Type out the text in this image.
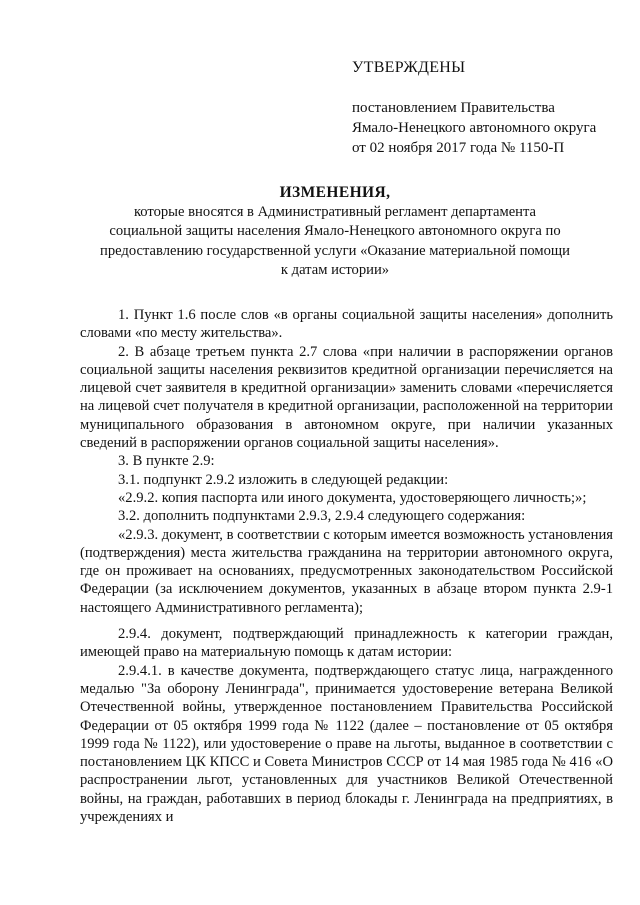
УТВЕРЖДЕНЫ
постановлением Правительства
Ямало-Ненецкого автономного округа
от 02 ноября 2017 года № 1150-П
ИЗМЕНЕНИЯ,
которые вносятся в Административный регламент департамента социальной защиты населения Ямало-Ненецкого автономного округа по предоставлению государственной услуги «Оказание материальной помощи к датам истории»

1. Пункт 1.6 после слов «в органы социальной защиты населения» дополнить словами «по месту жительства».

2. В абзаце третьем пункта 2.7 слова «при наличии в распоряжении органов социальной защиты населения реквизитов кредитной организации перечисляется на лицевой счет заявителя в кредитной организации» заменить словами «перечисляется на лицевой счет получателя в кредитной организации, расположенной на территории муниципального образования в автономном округе, при наличии указанных сведений в распоряжении органов социальной защиты населения».

3. В пункте 2.9:

3.1. подпункт 2.9.2 изложить в следующей редакции:

«2.9.2. копия паспорта или иного документа, удостоверяющего личность;»;

3.2. дополнить подпунктами 2.9.3, 2.9.4 следующего содержания:

«2.9.3. документ, в соответствии с которым имеется возможность установления (подтверждения) места жительства гражданина на территории автономного округа, где он проживает на основаниях, предусмотренных законодательством Российской Федерации (за исключением документов, указанных в абзаце втором пункта 2.9-1 настоящего Административного регламента);

2.9.4. документ, подтверждающий принадлежность к категории граждан, имеющей право на материальную помощь к датам истории:

2.9.4.1. в качестве документа, подтверждающего статус лица, награжденного медалью "За оборону Ленинграда", принимается удостоверение ветерана Великой Отечественной войны, утвержденное постановлением Правительства Российской Федерации от 05 октября 1999 года № 1122 (далее – постановление от 05 октября 1999 года № 1122), или удостоверение о праве на льготы, выданное в соответствии с постановлением ЦК КПСС и Совета Министров СССР от 14 мая 1985 года № 416 «О распространении льгот, установленных для участников Великой Отечественной войны, на граждан, работавших в период блокады г. Ленинграда на предприятиях, в учреждениях и
